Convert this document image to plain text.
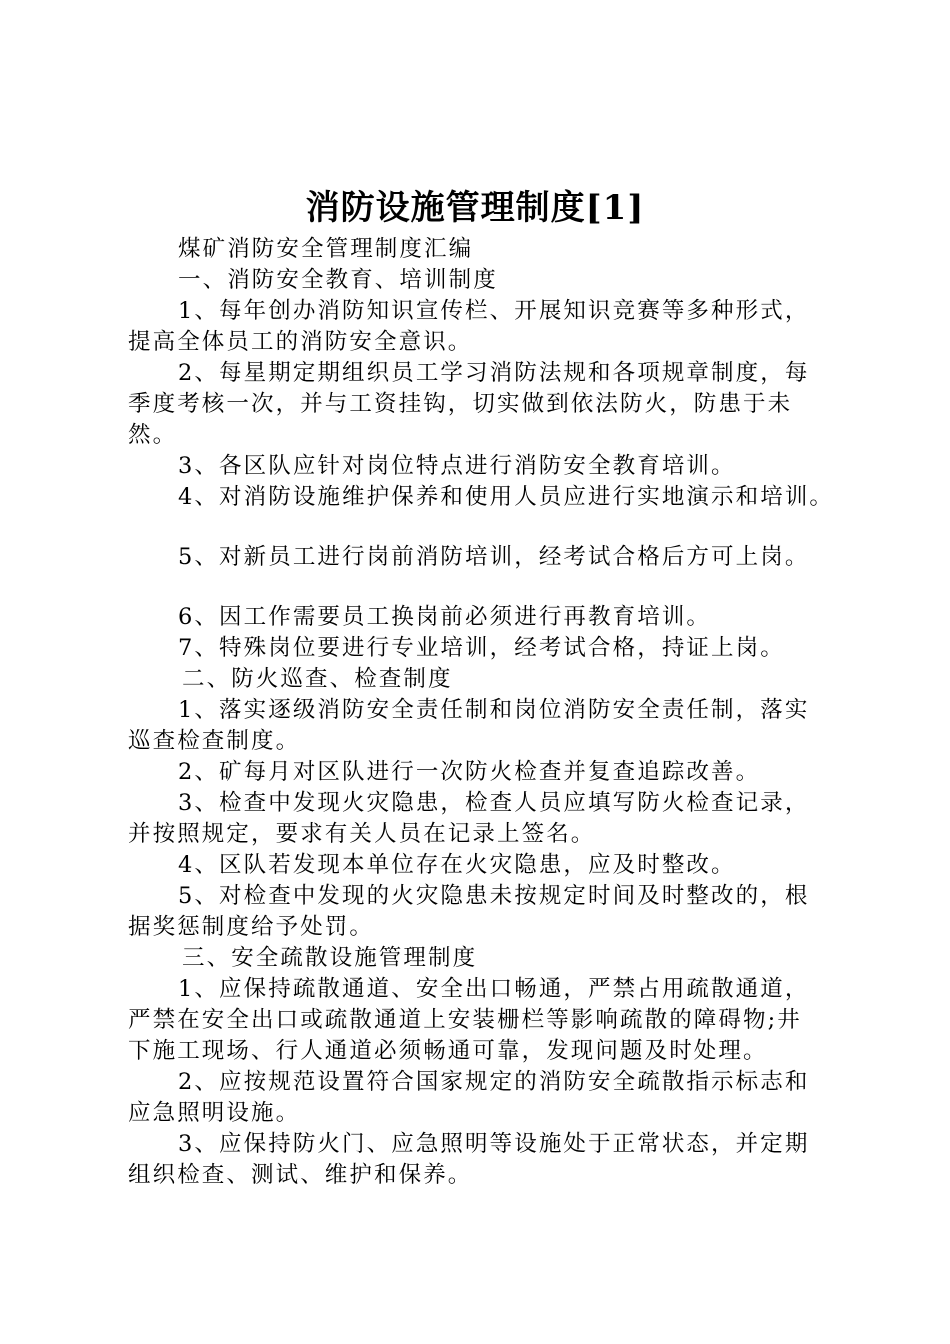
消防设施管理制度[1]
煤矿消防安全管理制度汇编
一、消防安全教育、培训制度
1、每年创办消防知识宣传栏、开展知识竞赛等多种形式，
提高全体员工的消防安全意识。
2、每星期定期组织员工学习消防法规和各项规章制度，每
季度考核一次，并与工资挂钩，切实做到依法防火，防患于未
然。
3、各区队应针对岗位特点进行消防安全教育培训。
4、对消防设施维护保养和使用人员应进行实地演示和培训。
5、对新员工进行岗前消防培训，经考试合格后方可上岗。
6、因工作需要员工换岗前必须进行再教育培训。
7、特殊岗位要进行专业培训，经考试合格，持证上岗。
二、防火巡查、检查制度
1、落实逐级消防安全责任制和岗位消防安全责任制，落实
巡查检查制度。
2、矿每月对区队进行一次防火检查并复查追踪改善。
3、检查中发现火灾隐患，检查人员应填写防火检查记录，
并按照规定，要求有关人员在记录上签名。
4、区队若发现本单位存在火灾隐患，应及时整改。
5、对检查中发现的火灾隐患未按规定时间及时整改的，根
据奖惩制度给予处罚。
三、安全疏散设施管理制度
1、应保持疏散通道、安全出口畅通，严禁占用疏散通道，
严禁在安全出口或疏散通道上安装栅栏等影响疏散的障碍物;井
下施工现场、行人通道必须畅通可靠，发现问题及时处理。
2、应按规范设置符合国家规定的消防安全疏散指示标志和
应急照明设施。
3、应保持防火门、应急照明等设施处于正常状态，并定期
组织检查、测试、维护和保养。
